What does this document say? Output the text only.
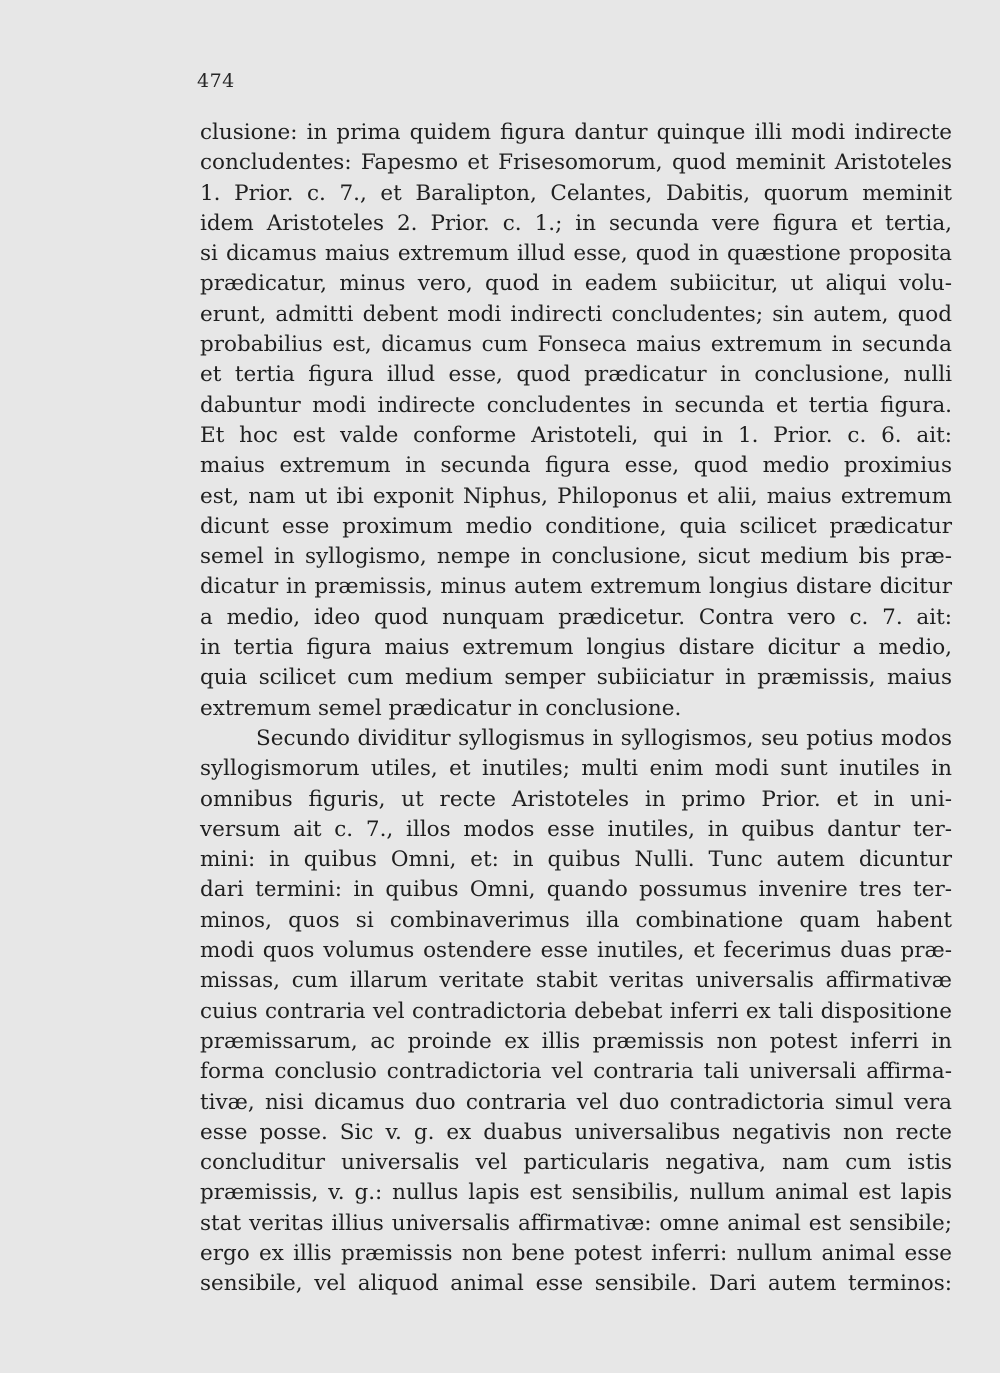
474
clusione: in prima quidem figura dantur quinque illi modi indirecte
concludentes: Fapesmo et Frisesomorum, quod meminit Aristoteles
1. Prior. c. 7., et Baralipton, Celantes, Dabitis, quorum meminit
idem Aristoteles 2. Prior. c. 1.; in secunda vere figura et tertia,
si dicamus maius extremum illud esse, quod in quæstione proposita
prædicatur, minus vero, quod in eadem subiicitur, ut aliqui volu-
erunt, admitti debent modi indirecti concludentes; sin autem, quod
probabilius est, dicamus cum Fonseca maius extremum in secunda
et tertia figura illud esse, quod prædicatur in conclusione, nulli
dabuntur modi indirecte concludentes in secunda et tertia figura.
Et hoc est valde conforme Aristoteli, qui in 1. Prior. c. 6. ait:
maius extremum in secunda figura esse, quod medio proximius
est, nam ut ibi exponit Niphus, Philoponus et alii, maius extremum
dicunt esse proximum medio conditione, quia scilicet prædicatur
semel in syllogismo, nempe in conclusione, sicut medium bis præ-
dicatur in præmissis, minus autem extremum longius distare dicitur
a medio, ideo quod nunquam prædicetur. Contra vero c. 7. ait:
in tertia figura maius extremum longius distare dicitur a medio,
quia scilicet cum medium semper subiiciatur in præmissis, maius
extremum semel prædicatur in conclusione.
Secundo dividitur syllogismus in syllogismos, seu potius modos
syllogismorum utiles, et inutiles; multi enim modi sunt inutiles in
omnibus figuris, ut recte Aristoteles in primo Prior. et in uni-
versum ait c. 7., illos modos esse inutiles, in quibus dantur ter-
mini: in quibus Omni, et: in quibus Nulli. Tunc autem dicuntur
dari termini: in quibus Omni, quando possumus invenire tres ter-
minos, quos si combinaverimus illa combinatione quam habent
modi quos volumus ostendere esse inutiles, et fecerimus duas præ-
missas, cum illarum veritate stabit veritas universalis affirmativæ
cuius contraria vel contradictoria debebat inferri ex tali dispositione
præmissarum, ac proinde ex illis præmissis non potest inferri in
forma conclusio contradictoria vel contraria tali universali affirma-
tivæ, nisi dicamus duo contraria vel duo contradictoria simul vera
esse posse. Sic v. g. ex duabus universalibus negativis non recte
concluditur universalis vel particularis negativa, nam cum istis
præmissis, v. g.: nullus lapis est sensibilis, nullum animal est lapis
stat veritas illius universalis affirmativæ: omne animal est sensibile;
ergo ex illis præmissis non bene potest inferri: nullum animal esse
sensibile, vel aliquod animal esse sensibile. Dari autem terminos:
